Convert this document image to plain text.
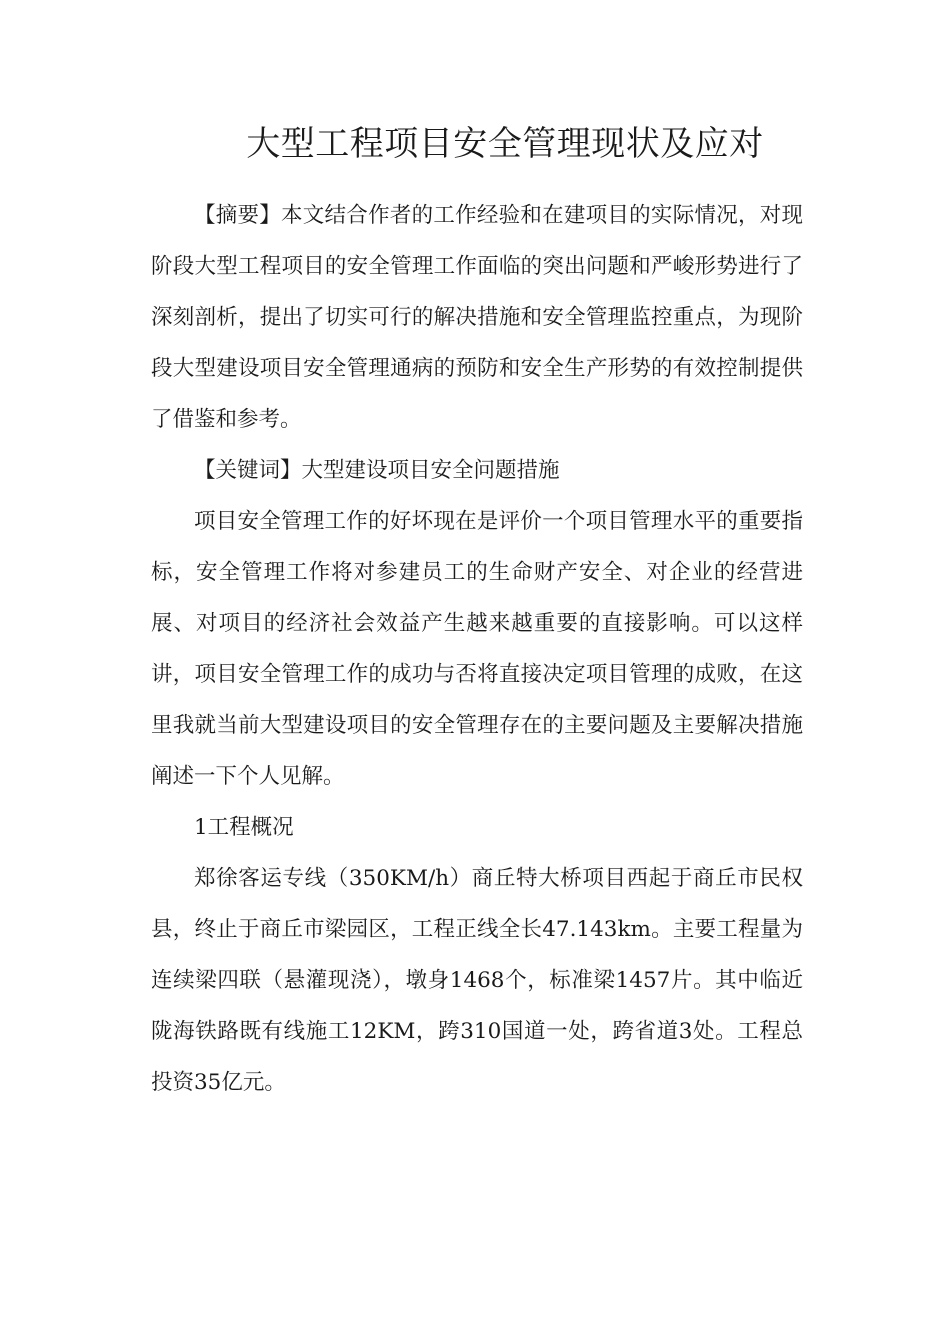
大型工程项目安全管理现状及应对

【摘要】本文结合作者的工作经验和在建项目的实际情况，对现阶段大型工程项目的安全管理工作面临的突出问题和严峻形势进行了深刻剖析，提出了切实可行的解决措施和安全管理监控重点，为现阶段大型建设项目安全管理通病的预防和安全生产形势的有效控制提供了借鉴和参考。

【关键词】大型建设项目安全问题措施

项目安全管理工作的好坏现在是评价一个项目管理水平的重要指标，安全管理工作将对参建员工的生命财产安全、对企业的经营进展、对项目的经济社会效益产生越来越重要的直接影响。可以这样讲，项目安全管理工作的成功与否将直接决定项目管理的成败，在这里我就当前大型建设项目的安全管理存在的主要问题及主要解决措施阐述一下个人见解。

1工程概况

郑徐客运专线（350KM/h）商丘特大桥项目西起于商丘市民权县，终止于商丘市梁园区，工程正线全长47.143km。主要工程量为连续梁四联（悬灌现浇），墩身1468个，标准梁1457片。其中临近陇海铁路既有线施工12KM，跨310国道一处，跨省道3处。工程总投资35亿元。
